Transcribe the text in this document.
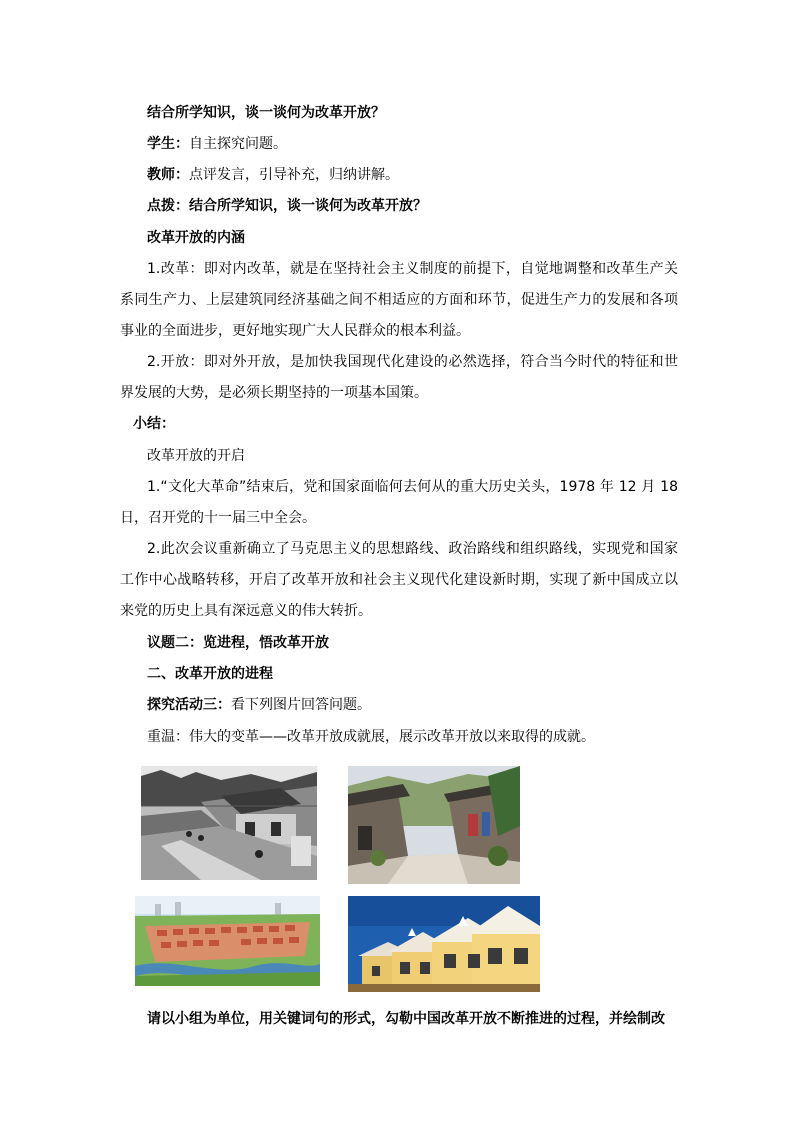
结合所学知识，谈一谈何为改革开放？
学生：自主探究问题。
教师：点评发言，引导补充，归纳讲解。
点拨：结合所学知识，谈一谈何为改革开放？
改革开放的内涵
1.改革：即对内改革，就是在坚持社会主义制度的前提下，自觉地调整和改革生产关系同生产力、上层建筑同经济基础之间不相适应的方面和环节，促进生产力的发展和各项事业的全面进步，更好地实现广大人民群众的根本利益。
2.开放：即对外开放，是加快我国现代化建设的必然选择，符合当今时代的特征和世界发展的大势，是必须长期坚持的一项基本国策。
小结：
改革开放的开启
1.“文化大革命”结束后，党和国家面临何去何从的重大历史关头，1978 年 12 月 18 日，召开党的十一届三中全会。
2.此次会议重新确立了马克思主义的思想路线、政治路线和组织路线，实现党和国家工作中心战略转移，开启了改革开放和社会主义现代化建设新时期，实现了新中国成立以来党的历史上具有深远意义的伟大转折。
议题二：览进程，悟改革开放
二、改革开放的进程
探究活动三：看下列图片回答问题。
重温：伟大的变革——改革开放成就展，展示改革开放以来取得的成就。
请以小组为单位，用关键词句的形式，勾勒中国改革开放不断推进的过程，并绘制改
